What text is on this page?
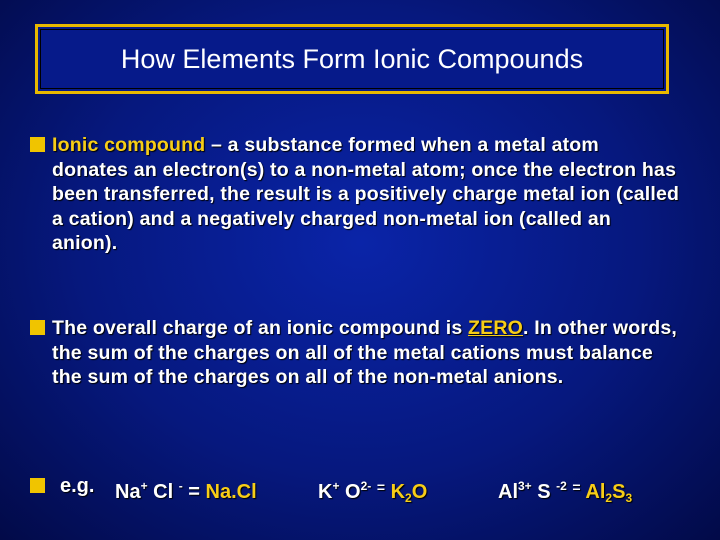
How Elements Form Ionic Compounds
Ionic compound – a substance formed when a metal atom donates an electron(s) to a non-metal atom; once the electron has been transferred, the result is a positively charge metal ion (called a cation) and a negatively charged non-metal ion (called an anion).
The overall charge of an ionic compound is ZERO. In other words, the sum of the charges on all of the metal cations must balance the sum of the charges on all of the non-metal anions.
e.g. Na+ Cl - = Na.Cl	K+ $O^{2-}$ = $K_2O$	$Al^{3+}$ S $^{-2}$ = $Al_2S_3$
